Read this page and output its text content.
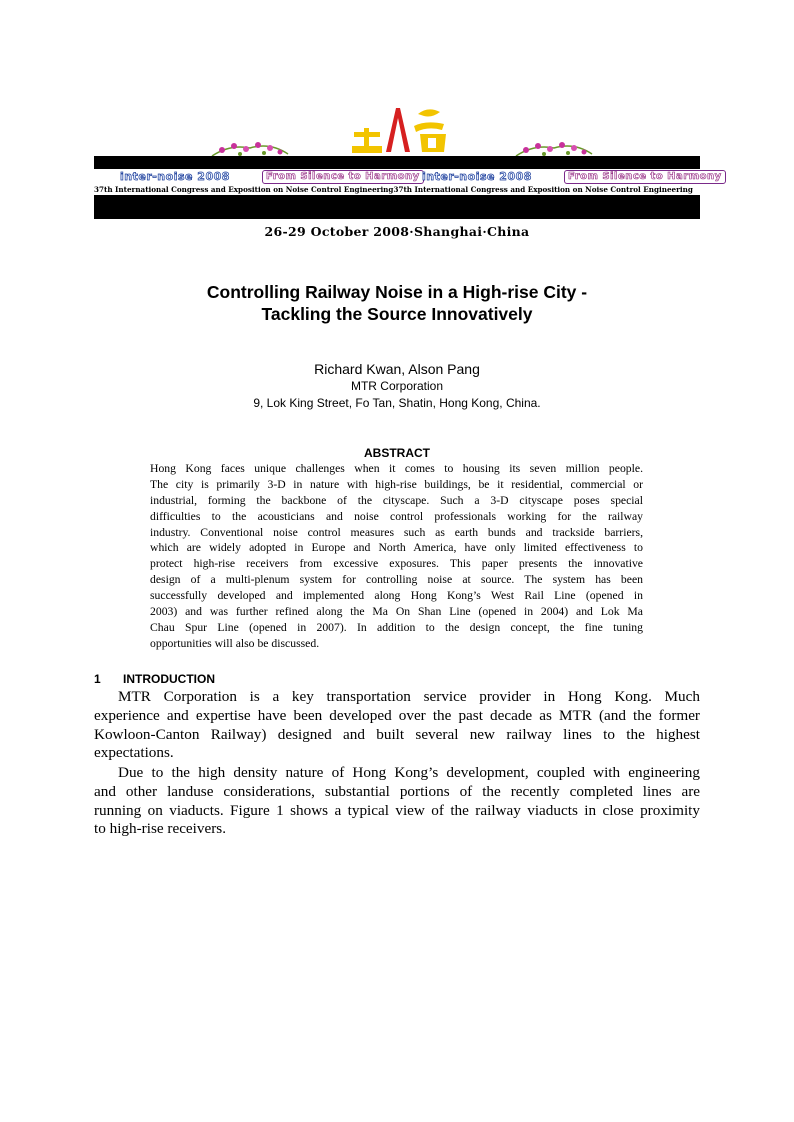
inter-noise 2008	From Silence to Harmony inter-noise 2008	From Silence to Harmony
37th International Congress and Exposition on Noise Control Engineering37th International Congress and Exposition on Noise Control Engineering
26-29 October 2008·Shanghai·China
Controlling Railway Noise in a High-rise City -
Tackling the Source Innovatively
Richard Kwan, Alson Pang
MTR Corporation
9, Lok King Street, Fo Tan, Shatin, Hong Kong, China.
ABSTRACT
Hong Kong faces unique challenges when it comes to housing its seven million people.
The city is primarily 3-D in nature with high-rise buildings, be it residential, commercial or
industrial, forming the backbone of the cityscape. Such a 3-D cityscape poses special
difficulties to the acousticians and noise control professionals working for the railway
industry. Conventional noise control measures such as earth bunds and trackside barriers,
which are widely adopted in Europe and North America, have only limited effectiveness to
protect high-rise receivers from excessive exposures. This paper presents the innovative
design of a multi-plenum system for controlling noise at source. The system has been
successfully developed and implemented along Hong Kong’s West Rail Line (opened in
2003) and was further refined along the Ma On Shan Line (opened in 2004) and Lok Ma
Chau Spur Line (opened in 2007). In addition to the design concept, the fine tuning
opportunities will also be discussed.
1 INTRODUCTION
MTR Corporation is a key transportation service provider in Hong Kong. Much
experience and expertise have been developed over the past decade as MTR (and the former
Kowloon-Canton Railway) designed and built several new railway lines to the highest
expectations.
Due to the high density nature of Hong Kong’s development, coupled with engineering
and other landuse considerations, substantial portions of the recently completed lines are
running on viaducts. Figure 1 shows a typical view of the railway viaducts in close proximity
to high-rise receivers.
